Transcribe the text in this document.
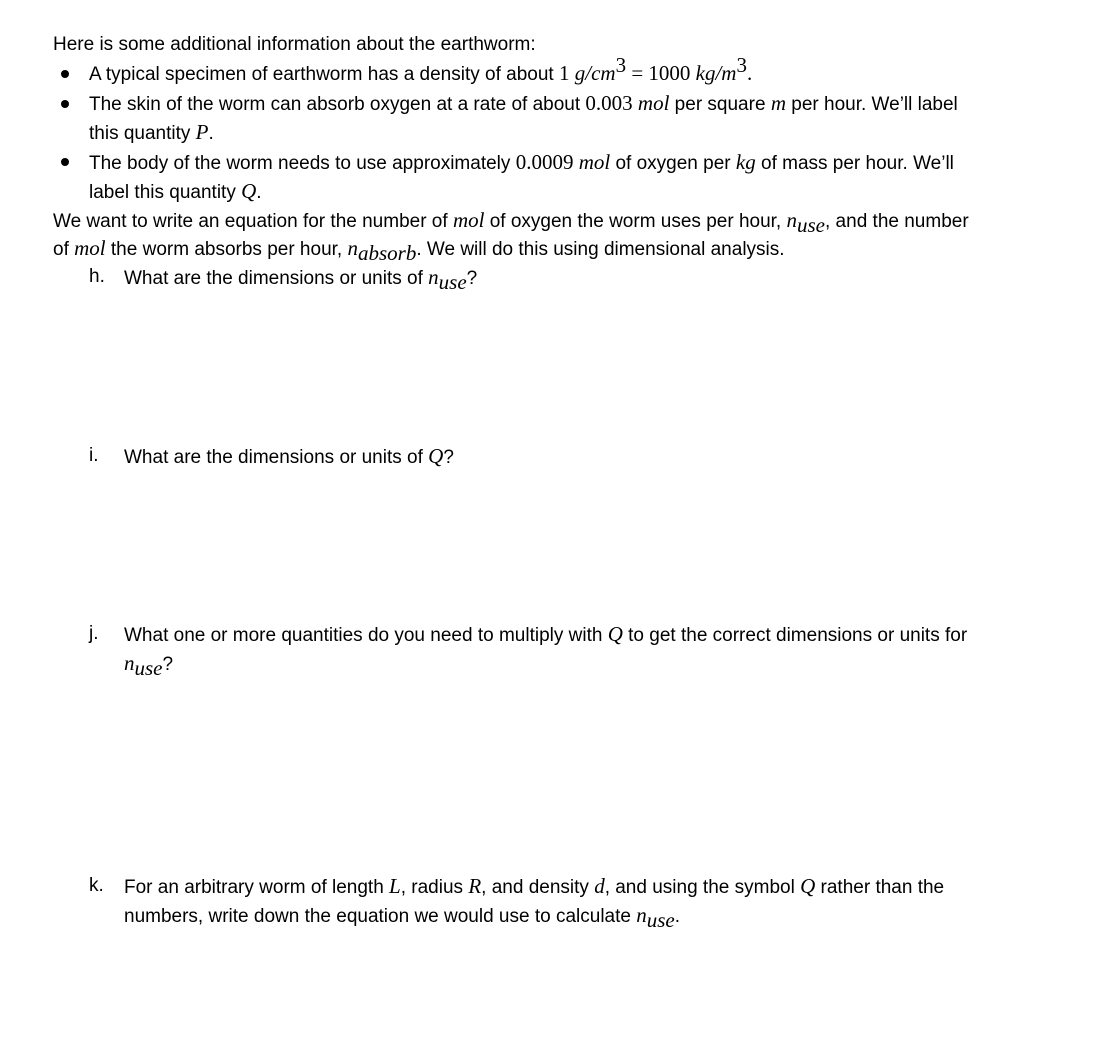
Here is some additional information about the earthworm:
A typical specimen of earthworm has a density of about 1 $g/cm^3 = 1000$ $kg/m^3$.
The skin of the worm can absorb oxygen at a rate of about 0.003 mol per square m per hour. We’ll label
this quantity P.
The body of the worm needs to use approximately 0.0009 mol of oxygen per kg of mass per hour. We’ll
label this quantity Q.
We want to write an equation for the number of mol of oxygen the worm uses per hour, $n_{use}$, and the number
of mol the worm absorbs per hour, $n_{absorb}$. We will do this using dimensional analysis.
h. What are the dimensions or units of $n_{use}$?
i. What are the dimensions or units of Q?
j. What one or more quantities do you need to multiply with Q to get the correct dimensions or units for
$n_{use}$?
k. For an arbitrary worm of length L, radius R, and density d, and using the symbol Q rather than the
numbers, write down the equation we would use to calculate $n_{use}$.
